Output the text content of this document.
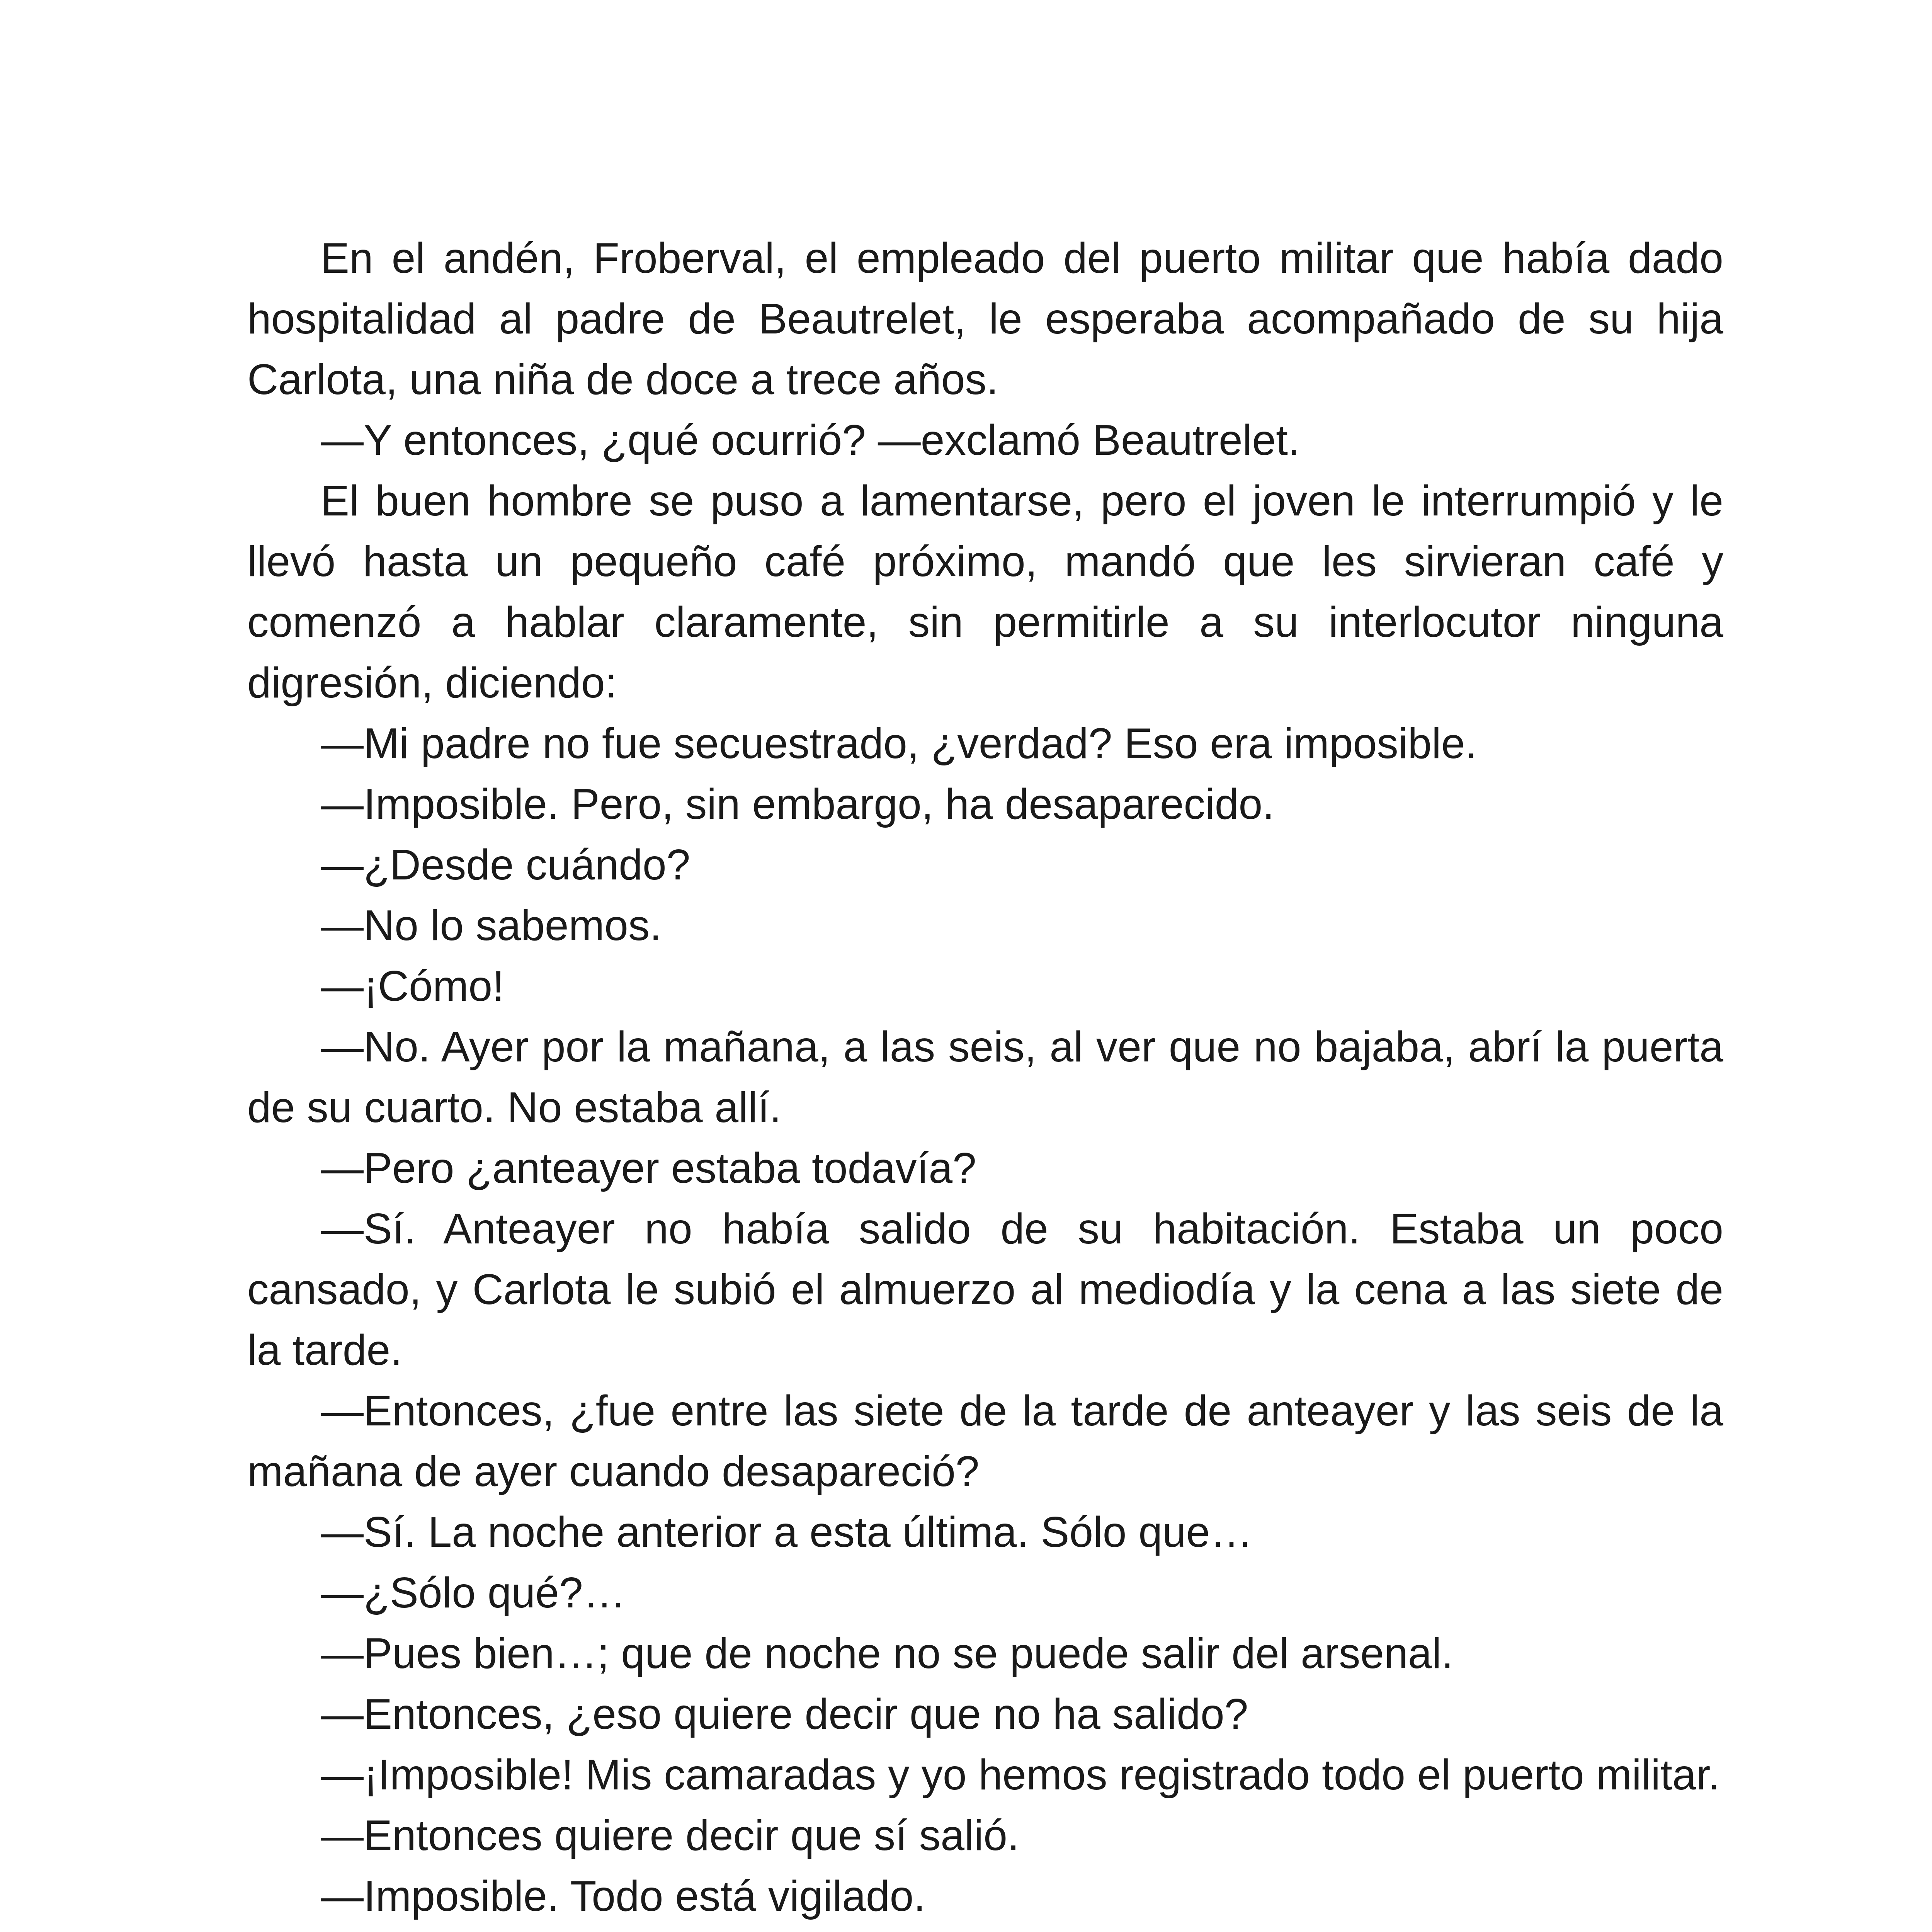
En el andén, Froberval, el empleado del puerto militar que había dado hospitalidad al padre de Beautrelet, le esperaba acompañado de su hija Carlota, una niña de doce a trece años.

—Y entonces, ¿qué ocurrió? —exclamó Beautrelet.

El buen hombre se puso a lamentarse, pero el joven le interrumpió y le llevó hasta un pequeño café próximo, mandó que les sirvieran café y comenzó a hablar claramente, sin permitirle a su interlocutor ninguna digresión, diciendo:

—Mi padre no fue secuestrado, ¿verdad? Eso era imposible.

—Imposible. Pero, sin embargo, ha desaparecido.

—¿Desde cuándo?

—No lo sabemos.

—¡Cómo!

—No. Ayer por la mañana, a las seis, al ver que no bajaba, abrí la puerta de su cuarto. No estaba allí.

—Pero ¿anteayer estaba todavía?

—Sí. Anteayer no había salido de su habitación. Estaba un poco cansado, y Carlota le subió el almuerzo al mediodía y la cena a las siete de la tarde.

—Entonces, ¿fue entre las siete de la tarde de anteayer y las seis de la mañana de ayer cuando desapareció?

—Sí. La noche anterior a esta última. Sólo que…

—¿Sólo qué?…

—Pues bien…; que de noche no se puede salir del arsenal.

—Entonces, ¿eso quiere decir que no ha salido?

—¡Imposible! Mis camaradas y yo hemos registrado todo el puerto militar.

—Entonces quiere decir que sí salió.

—Imposible. Todo está vigilado.
